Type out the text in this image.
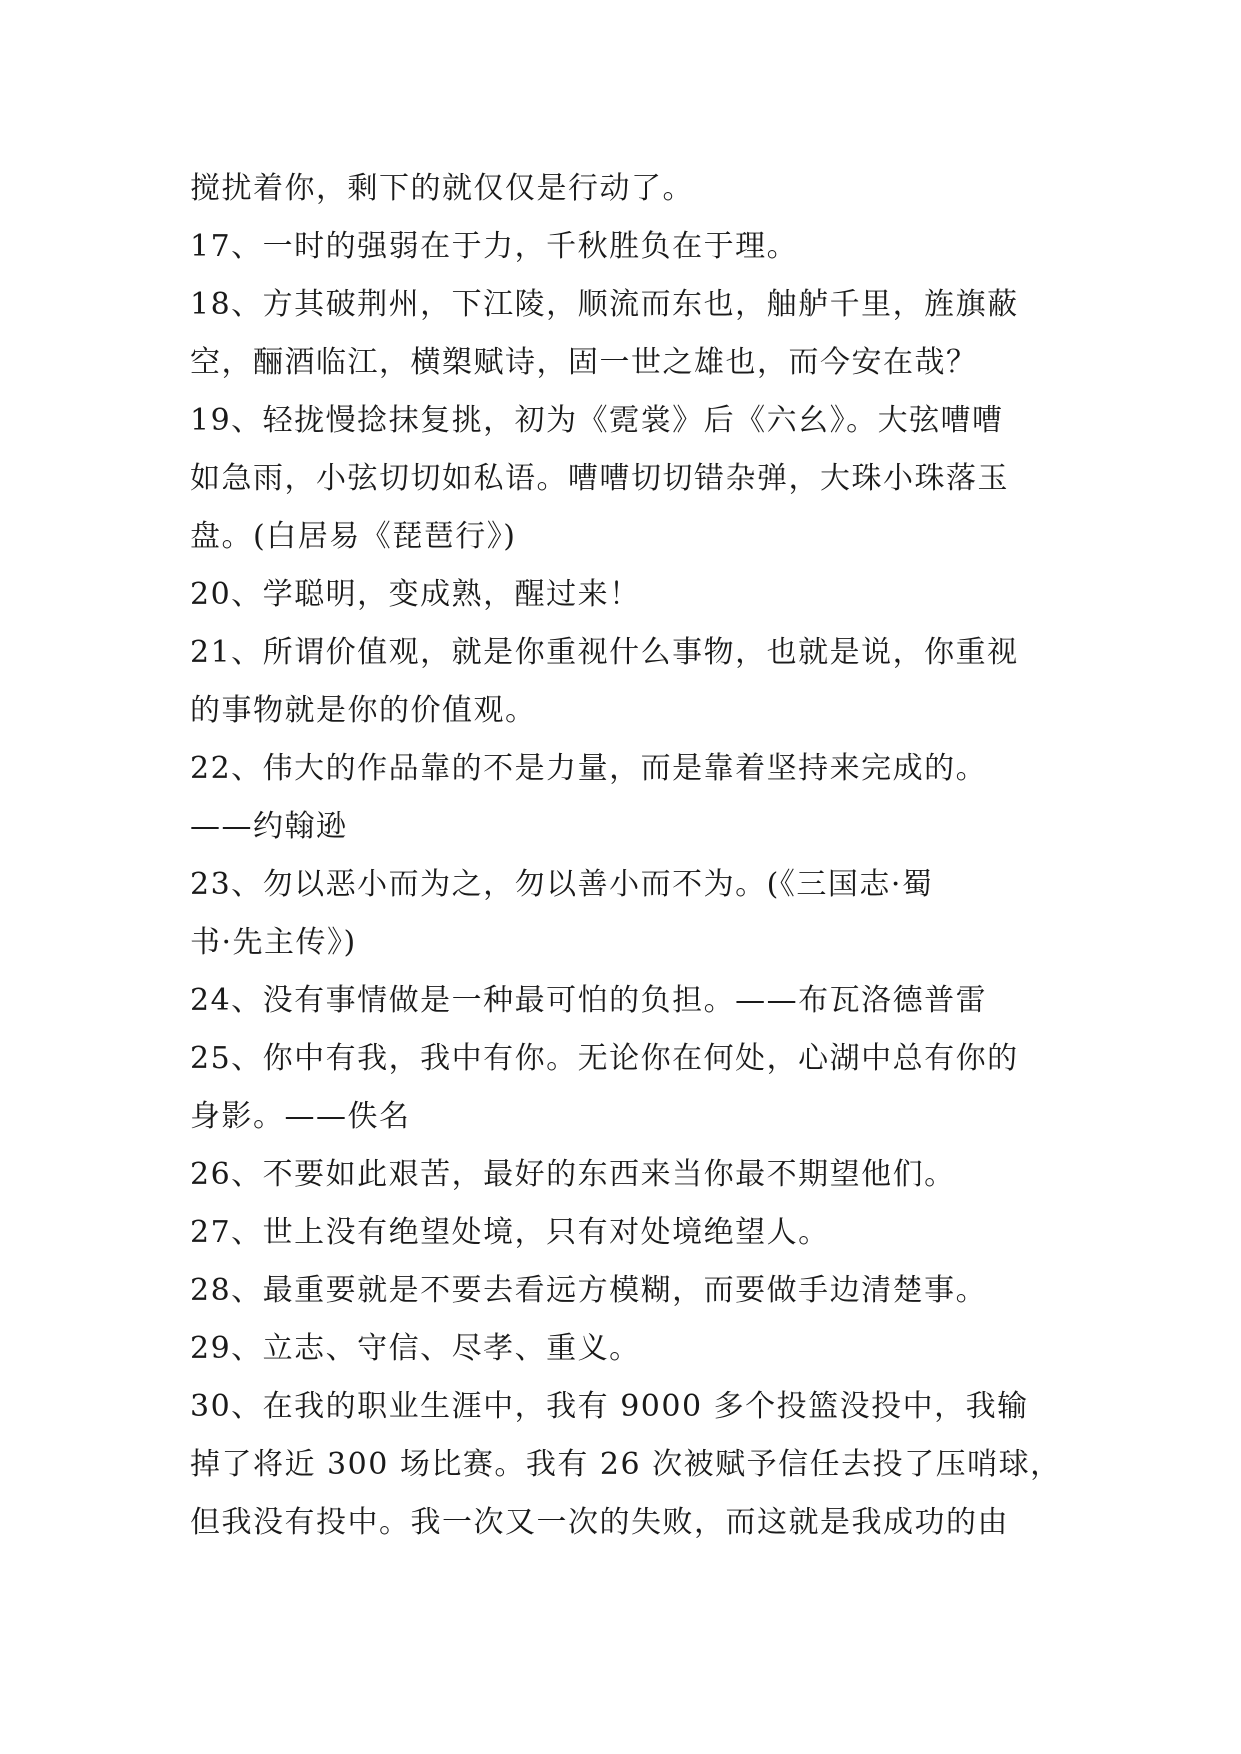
搅扰着你，剩下的就仅仅是行动了。
17、一时的强弱在于力，千秋胜负在于理。
18、方其破荆州，下江陵，顺流而东也，舳舻千里，旌旗蔽
空，酾酒临江，横槊赋诗，固一世之雄也，而今安在哉？
19、轻拢慢捻抹复挑，初为《霓裳》后《六幺》。大弦嘈嘈
如急雨，小弦切切如私语。嘈嘈切切错杂弹，大珠小珠落玉
盘。(白居易《琵琶行》)
20、学聪明，变成熟，醒过来！
21、所谓价值观，就是你重视什么事物，也就是说，你重视
的事物就是你的价值观。
22、伟大的作品靠的不是力量，而是靠着坚持来完成的。
——约翰逊
23、勿以恶小而为之，勿以善小而不为。(《三国志·蜀
书·先主传》)
24、没有事情做是一种最可怕的负担。——布瓦洛德普雷
25、你中有我，我中有你。无论你在何处，心湖中总有你的
身影。——佚名
26、不要如此艰苦，最好的东西来当你最不期望他们。
27、世上没有绝望处境，只有对处境绝望人。
28、最重要就是不要去看远方模糊，而要做手边清楚事。
29、立志、守信、尽孝、重义。
30、在我的职业生涯中，我有 9000 多个投篮没投中，我输
掉了将近 300 场比赛。我有 26 次被赋予信任去投了压哨球，
但我没有投中。我一次又一次的失败，而这就是我成功的由
